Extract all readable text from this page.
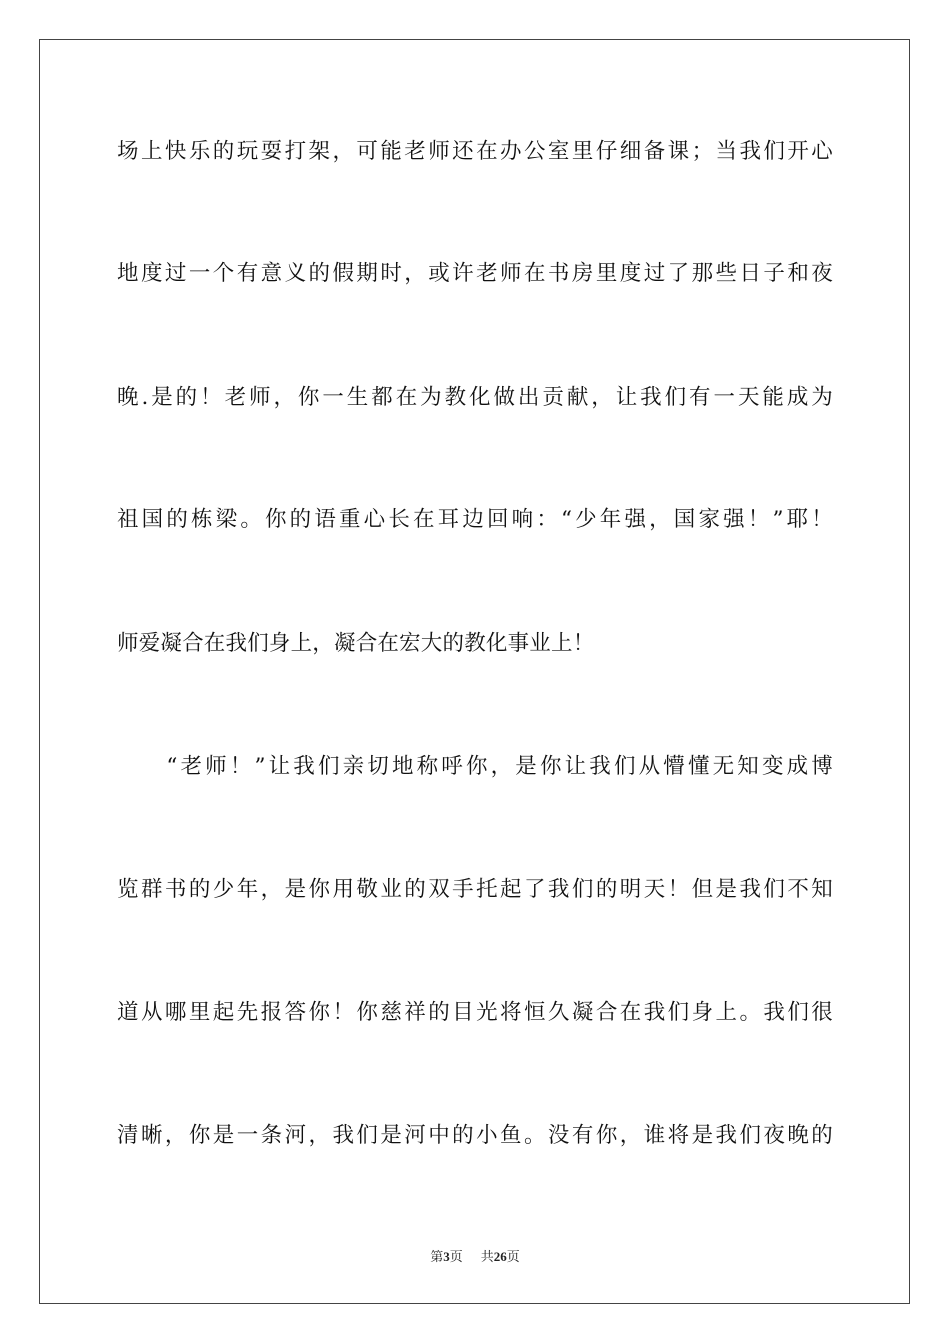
场上快乐的玩耍打架，可能老师还在办公室里仔细备课；当我们开心
地度过一个有意义的假期时，或许老师在书房里度过了那些日子和夜
晚.是的！老师，你一生都在为教化做出贡献，让我们有一天能成为
祖国的栋梁。你的语重心长在耳边回响：“少年强，国家强！”耶！
师爱凝合在我们身上，凝合在宏大的教化事业上！
　　“老师！”让我们亲切地称呼你，是你让我们从懵懂无知变成博
览群书的少年，是你用敬业的双手托起了我们的明天！但是我们不知
道从哪里起先报答你！你慈祥的目光将恒久凝合在我们身上。我们很
清晰，你是一条河，我们是河中的小鱼。没有你，谁将是我们夜晚的
第3页 共26页
